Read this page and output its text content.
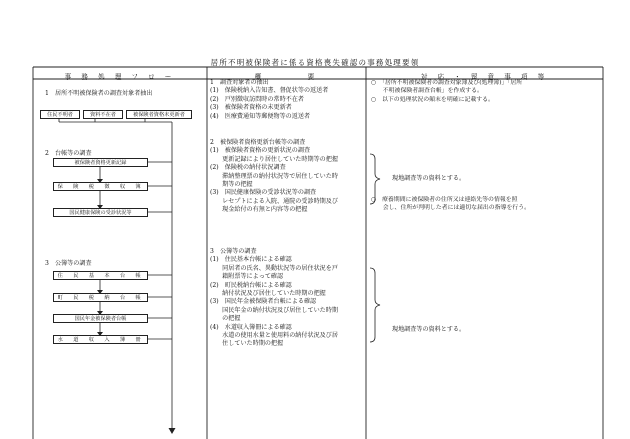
居所不明被保険者に係る資格喪失確認の事務処理要領
事 務 処 理 フ ロ ー	概　　　　要	対 応 ・ 留 意 事 項 等
1　居所不明被保険者の調査対象者抽出
住民不明者	資料不在者	被保険者資格未更新者
2　台帳等の調査
被保険者資格更新記録
保　険　税　徴　収　簿
国民健康保険の受診状況等
3　公簿等の調査
住　民　基　本　台　帳
町　民　税　納　台　帳
国民年金被保険者台帳
水　道　収　入　簿　冊
1　調査対象者の抽出
(1)　保険税納入告知書、督促状等の返送者
(2)　戸別徴収訪問時の常時不在者
(3)　被保険者資格の未更新者
(4)　医療費通知等郵便物等の返送者
2　被保険者資格更新台帳等の調査
(1)　被保険者資格の更新状況の調査
　　更新記録により居住していた時期等の把握
(2)　保険税の納付状況調査
　　滞納整理票の納付状況等で居住していた時
　　期等の把握
(3)　国民健康保険の受診状況等の調査
　　レセプトによる入院、通院の受診時期及び
　　現金給付の有無と内容等の把握
3　公簿等の調査
(1)　住民基本台帳による確認
　　同居者の氏名、異動状況等の居住状況を戸
　　籍附票等によって確認
(2)　町民税納台帳による確認
　　納付状況及び居住していた時期の把握
(3)　国民年金被保険者台帳による確認
　　国民年金の納付状況及び居住していた時期
　　の把握
(4)　水道収入簿冊による確認
　　水道の使用水量と使用料の納付状況及び居
　　住していた時期の把握
○　「居所不明被保険者の調査対象簿及び(処理簿)」「居所
　　不明被保険者調査台帳」を作成する。
○　以下の処理状況の顛末を明確に記載する。
現地調査等の資料とする。
○　療養期間に被保険者の住所又は連絡先等の情報を照
　　会し、住所が判明した者には適切な届出の指導を行う。
現地調査等の資料とする。
